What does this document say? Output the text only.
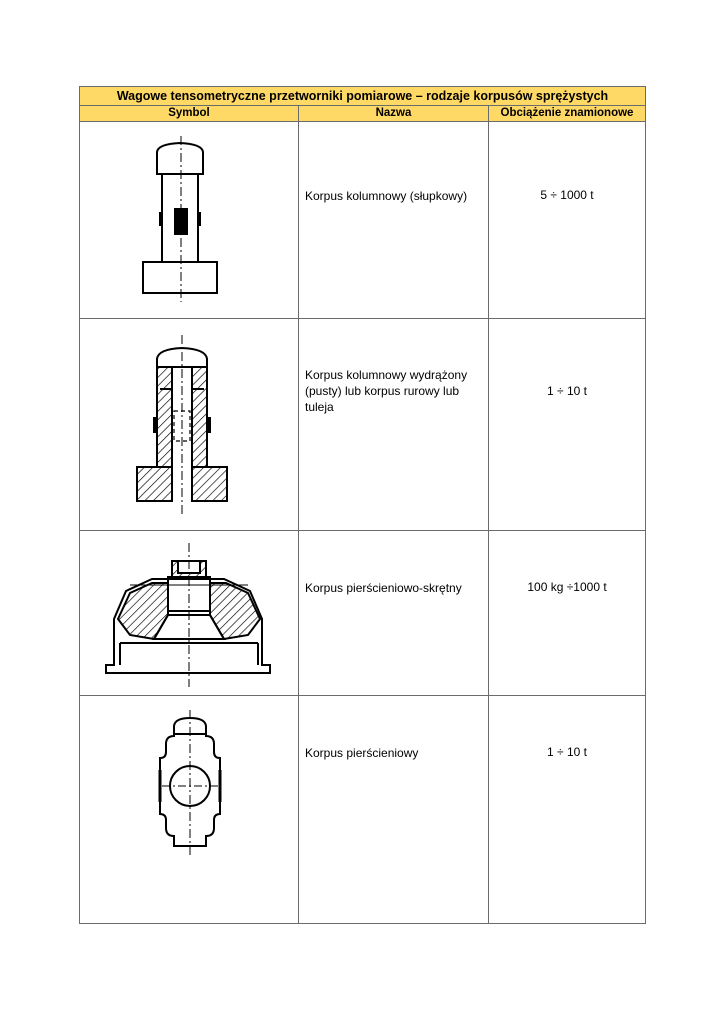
Wagowe tensometryczne przetworniki pomiarowe – rodzaje korpusów sprężystych		
Symbol	Nazwa	Obciążenie znamionowe

Korpus kolumnowy (słupkowy)	5 ÷ 1000 t

Korpus kolumnowy wydrążony (pusty) lub korpus rurowy lub tuleja	1 ÷ 10 t

Korpus pierścieniowo-skrętny	100 kg ÷1000 t

Korpus pierścieniowy	1 ÷ 10 t
